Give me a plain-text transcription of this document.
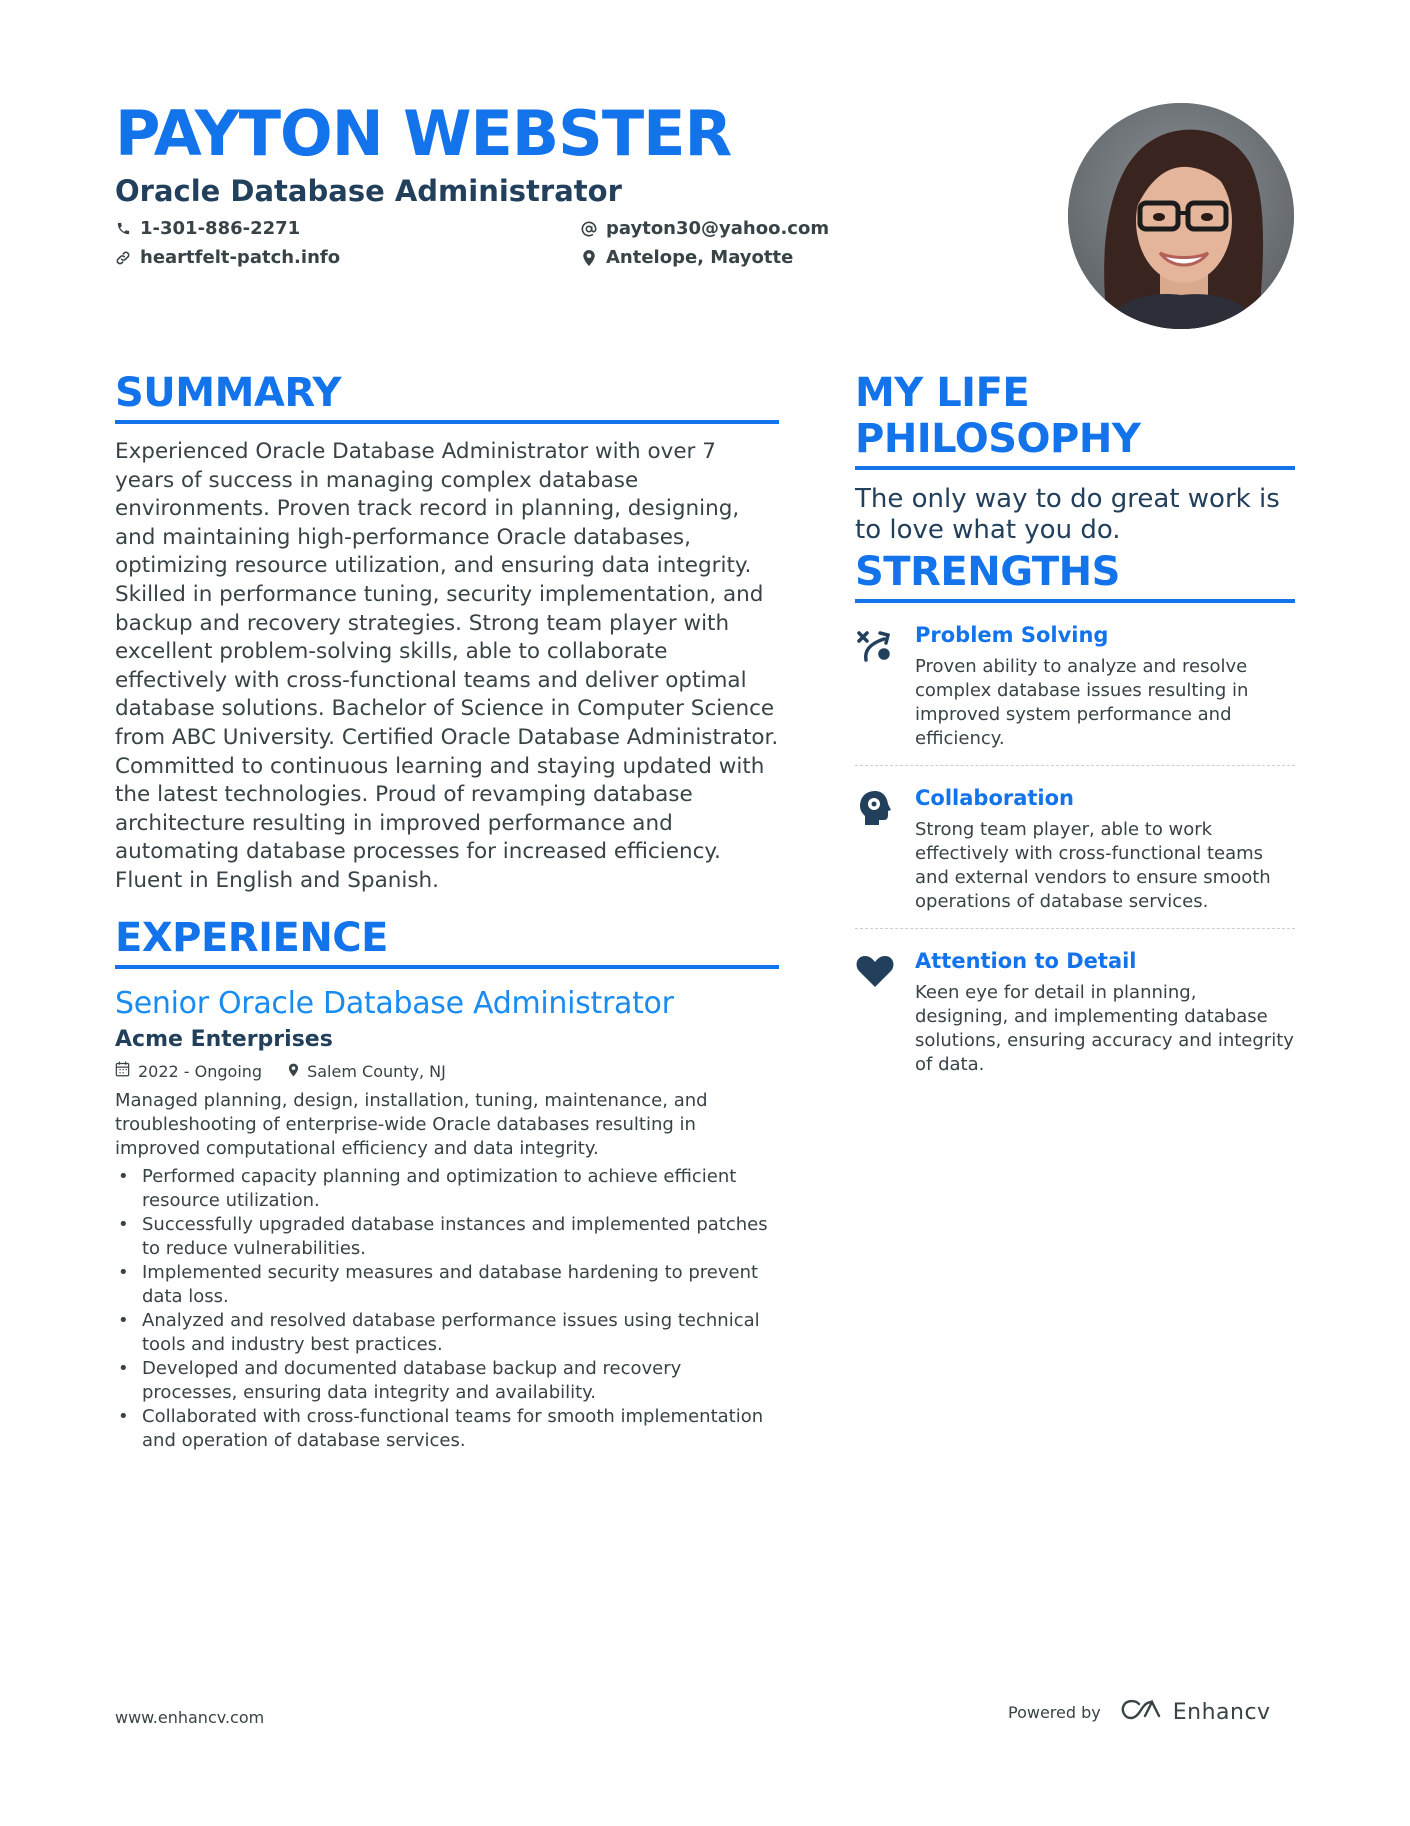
PAYTON WEBSTER
Oracle Database Administrator
1-301-886-2271
heartfelt-patch.info
payton30@yahoo.com
Antelope, Mayotte
SUMMARY
Experienced Oracle Database Administrator with over 7 years of success in managing complex database environments. Proven track record in planning, designing, and maintaining high-performance Oracle databases, optimizing resource utilization, and ensuring data integrity. Skilled in performance tuning, security implementation, and backup and recovery strategies. Strong team player with excellent problem-solving skills, able to collaborate effectively with cross-functional teams and deliver optimal database solutions. Bachelor of Science in Computer Science from ABC University. Certified Oracle Database Administrator. Committed to continuous learning and staying updated with the latest technologies. Proud of revamping database architecture resulting in improved performance and automating database processes for increased efficiency. Fluent in English and Spanish.
EXPERIENCE
Senior Oracle Database Administrator
Acme Enterprises
2022 - Ongoing	Salem County, NJ
Managed planning, design, installation, tuning, maintenance, and troubleshooting of enterprise-wide Oracle databases resulting in improved computational efficiency and data integrity.
• Performed capacity planning and optimization to achieve efficient resource utilization.
• Successfully upgraded database instances and implemented patches to reduce vulnerabilities.
• Implemented security measures and database hardening to prevent data loss.
• Analyzed and resolved database performance issues using technical tools and industry best practices.
• Developed and documented database backup and recovery processes, ensuring data integrity and availability.
• Collaborated with cross-functional teams for smooth implementation and operation of database services.
MY LIFE PHILOSOPHY
The only way to do great work is to love what you do.
STRENGTHS
Problem Solving
Proven ability to analyze and resolve complex database issues resulting in improved system performance and efficiency.
Collaboration
Strong team player, able to work effectively with cross-functional teams and external vendors to ensure smooth operations of database services.
Attention to Detail
Keen eye for detail in planning, designing, and implementing database solutions, ensuring accuracy and integrity of data.
www.enhancv.com	Powered by	Enhancv
